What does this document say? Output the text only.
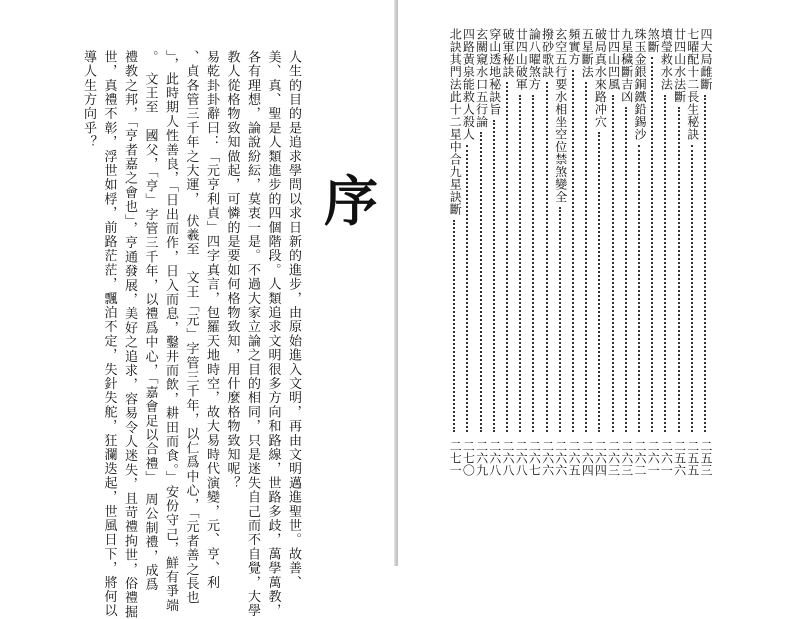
序
人生的目的是追求學問以求日新的進步，由原始進入文明，再由文明邁進聖世。故善、
美、真、聖是人類進步的四個階段。人類追求文明很多方向和路線，世路多歧，萬學萬教，
各有理想，論說紛紜，莫衷一是。不過大家立論之目的相同，只是迷失自己而不自覺，大學
教人從格物致知做起，可憐的是要如何格物致知，用什麼格物致知呢？
易乾卦卦辭曰：「元亨利貞」四字真言，包羅天地時空，故大易時代演變，元、亨、利
、貞各管三千年之大運，　伏羲至　文王「元」字管三千年，以仁爲中心，「元者善之長也
」，此時期人性善良，「日出而作，日入而息，鑿井而飲，耕田而食。」安份守己，鮮有爭端
。　文王至　國父，「亨」字管三千年，以禮爲中心，「嘉會足以合禮」　周公制禮，成爲
禮教之邦，「亨者嘉之會也」，亨通發展，美好之追求，容易令人迷失，且苛禮拘世，俗禮掘
世，真禮不彰，浮世如桴，前路茫茫，飄泊不定，失針失舵，狂瀾迭起，世風日下，將何以
導人生方向乎？	四大局雌斷
二五三
七曜配十二長生秘訣
二五五
廿四山水法斷
二五六
墳瑩救水法
二六一
煞斷
二六一
珠玉金銀銅鐵鉛錫沙
二六二
九星穢斷吉凶
二六三
廿四山凹風
二六三
破局真水來路冲穴
二六四
五星斷法
二六四
頻實方
二六五
玄空五行要水相坐空位禁煞變全
二六六
撥砂歌訣
二六六
論八曜煞方
二六七
廿四山破軍
二六八
破軍秘訣
二六八
穿山透地秘訣旨
二六八
玄關窺水口五行論
二六九
四路黃泉能救人殺人
二七〇
北訣其門法此十二星中合九星訣斷
二七一
